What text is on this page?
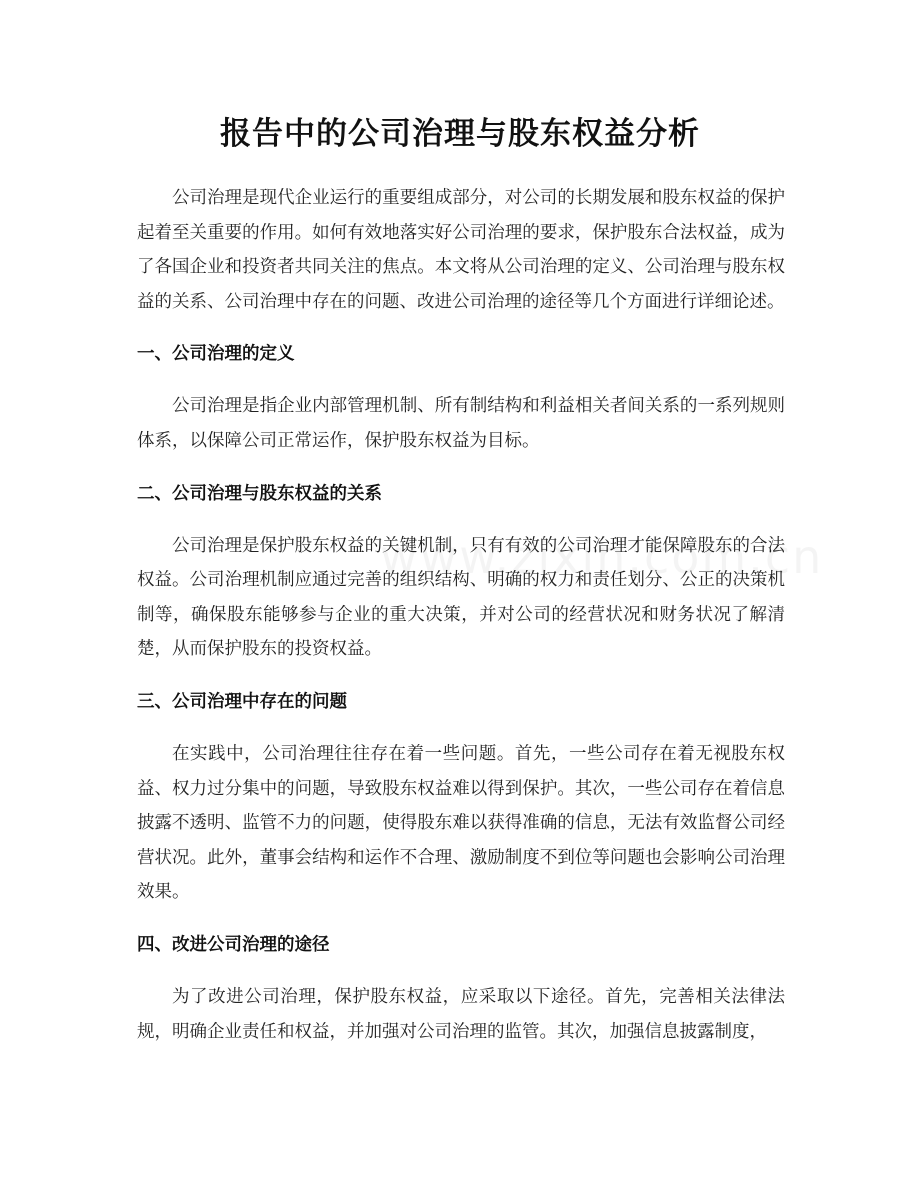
报告中的公司治理与股东权益分析

公司治理是现代企业运行的重要组成部分，对公司的长期发展和股东权益的保护起着至关重要的作用。如何有效地落实好公司治理的要求，保护股东合法权益，成为了各国企业和投资者共同关注的焦点。本文将从公司治理的定义、公司治理与股东权益的关系、公司治理中存在的问题、改进公司治理的途径等几个方面进行详细论述。

一、公司治理的定义

公司治理是指企业内部管理机制、所有制结构和利益相关者间关系的一系列规则体系，以保障公司正常运作，保护股东权益为目标。

二、公司治理与股东权益的关系

公司治理是保护股东权益的关键机制，只有有效的公司治理才能保障股东的合法权益。公司治理机制应通过完善的组织结构、明确的权力和责任划分、公正的决策机制等，确保股东能够参与企业的重大决策，并对公司的经营状况和财务状况了解清楚，从而保护股东的投资权益。

三、公司治理中存在的问题

在实践中，公司治理往往存在着一些问题。首先，一些公司存在着无视股东权益、权力过分集中的问题，导致股东权益难以得到保护。其次，一些公司存在着信息披露不透明、监管不力的问题，使得股东难以获得准确的信息，无法有效监督公司经营状况。此外，董事会结构和运作不合理、激励制度不到位等问题也会影响公司治理效果。

四、改进公司治理的途径

为了改进公司治理，保护股东权益，应采取以下途径。首先，完善相关法律法规，明确企业责任和权益，并加强对公司治理的监管。其次，加强信息披露制度，
